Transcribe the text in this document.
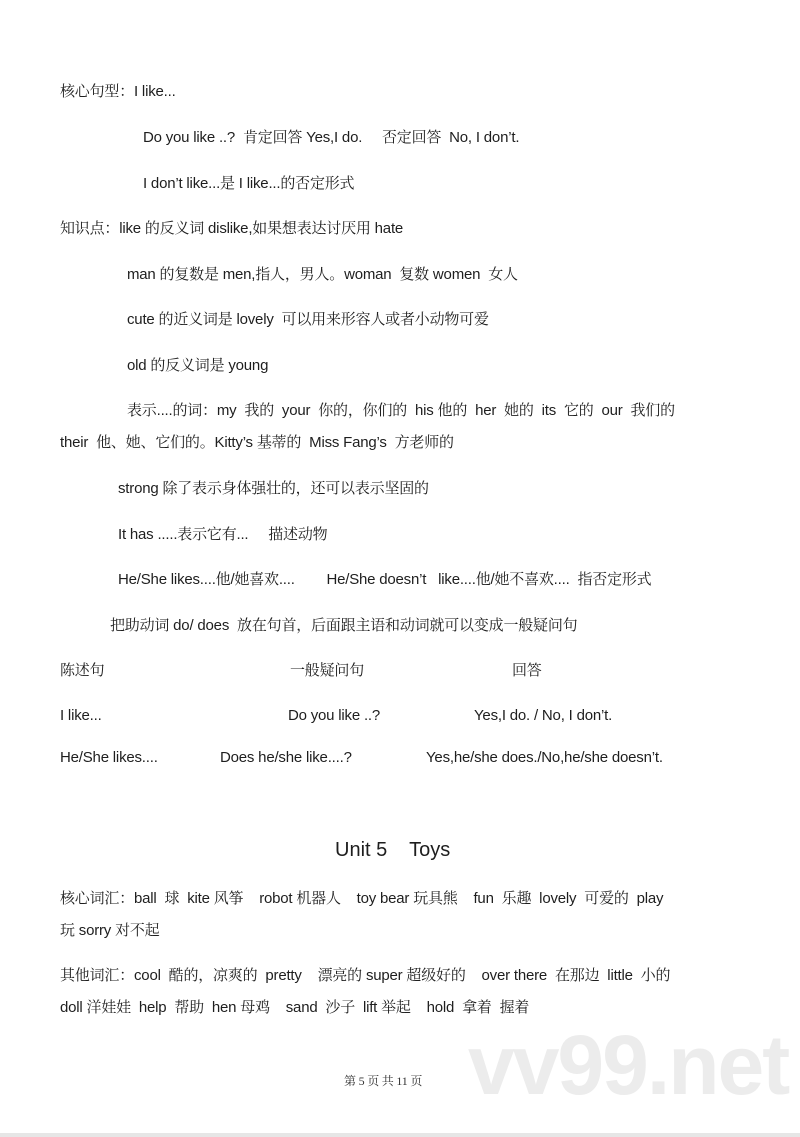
核心句型：I like...
Do you like ..?  肯定回答 Yes,I do.     否定回答  No, I don’t.
I don’t like...是 I like...的否定形式
知识点：like 的反义词 dislike,如果想表达讨厌用 hate
man 的复数是 men,指人，男人。woman  复数 women  女人
cute 的近义词是 lovely  可以用来形容人或者小动物可爱
old 的反义词是 young
表示....的词：my  我的  your  你的，你们的  his 他的  her  她的  its  它的  our  我们的
their  他、她、它们的。Kitty’s 基蒂的  Miss Fang’s  方老师的
strong 除了表示身体强壮的，还可以表示坚固的
It has .....表示它有...     描述动物
He/She likes....他/她喜欢....        He/She doesn’t   like....他/她不喜欢....  指否定形式
把助动词 do/ does  放在句首，后面跟主语和动词就可以变成一般疑问句
陈述句	一般疑问句	回答
I like...	Do you like ..?	Yes,I do. / No, I don’t.
He/She likes....	Does he/she like....?	Yes,he/she does./No,he/she doesn’t.
Unit 5    Toys
核心词汇：ball  球  kite 风筝    robot 机器人    toy bear 玩具熊    fun  乐趣  lovely  可爱的  play
玩 sorry 对不起
其他词汇：cool  酷的，凉爽的  pretty    漂亮的 super 超级好的    over there  在那边  little  小的
doll 洋娃娃  help  帮助  hen 母鸡    sand  沙子  lift 举起    hold  拿着  握着
vv99.net
第 5 页 共 11 页
